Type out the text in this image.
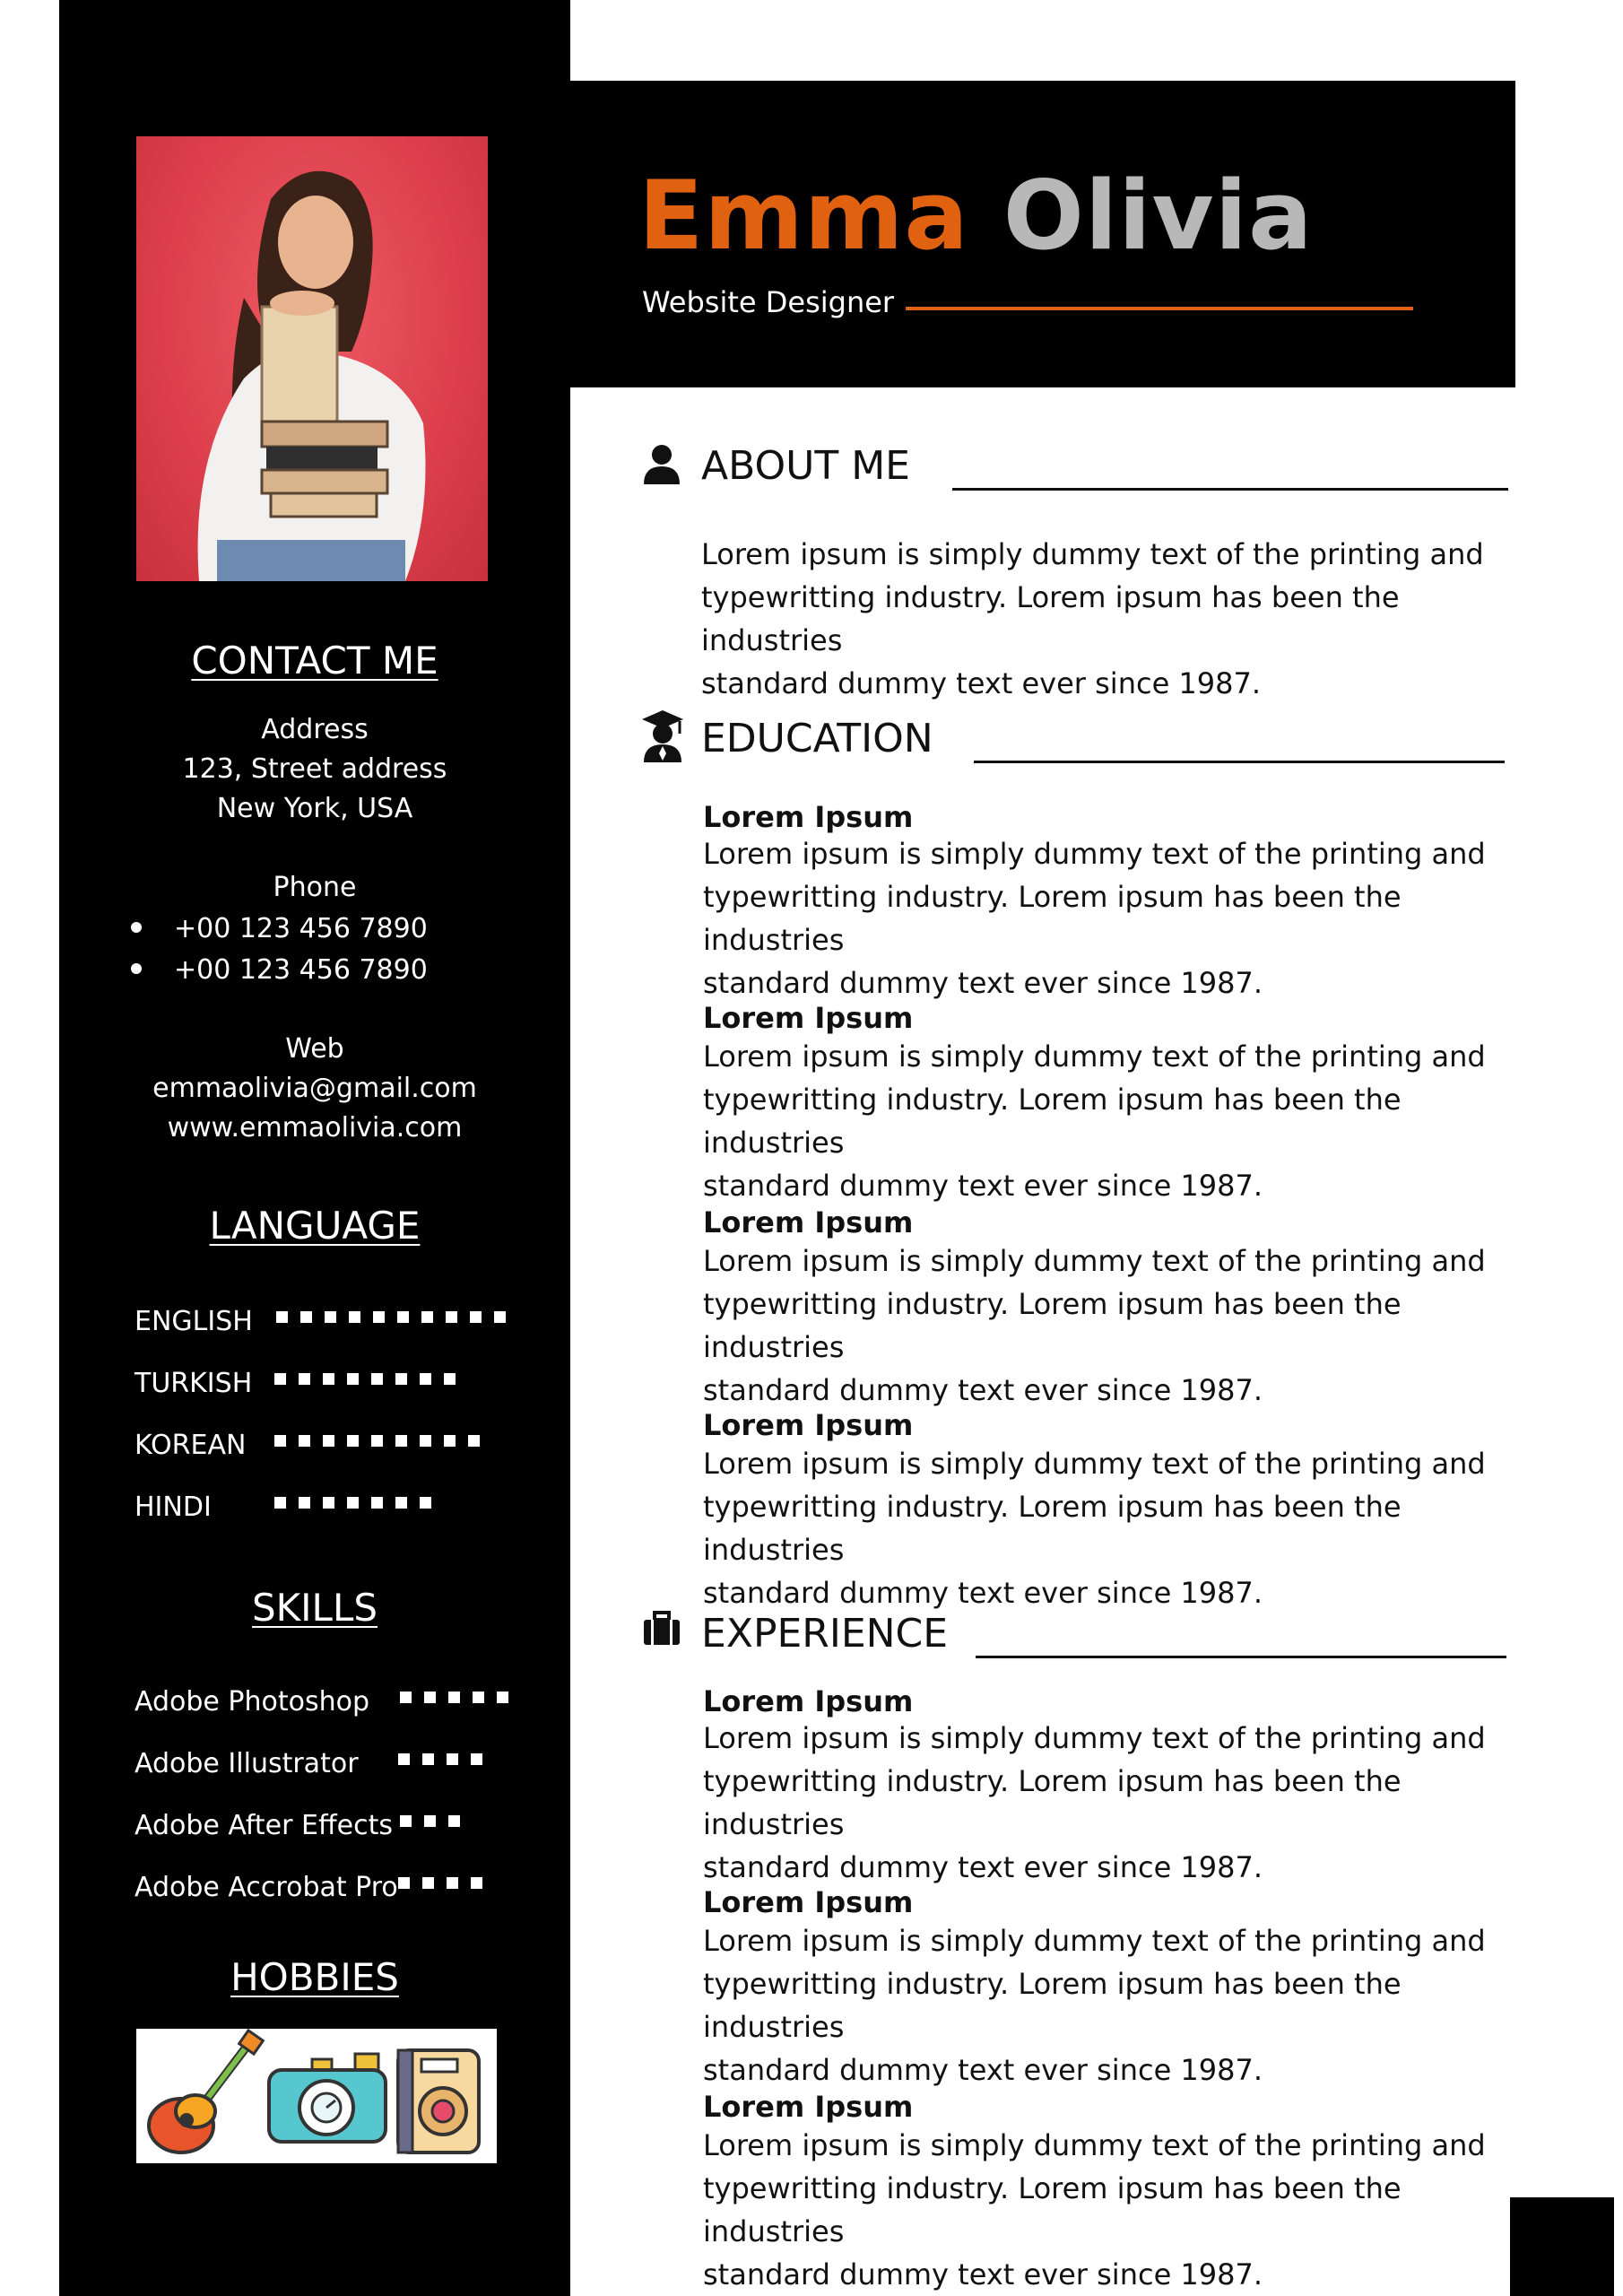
CONTACT ME
Address
123, Street address
New York, USA
Phone
+00 123 456 7890
+00 123 456 7890
Web
emmaolivia@gmail.com
www.emmaolivia.com
LANGUAGE
ENGLISH
TURKISH
KOREAN
HINDI
SKILLS
Adobe Photoshop
Adobe Illustrator
Adobe After Effects
Adobe Accrobat Pro
HOBBIES
Emma Olivia
Website Designer
ABOUT ME
Lorem ipsum is simply dummy text of the printing and
typewritting industry. Lorem ipsum has been the industries
standard dummy text ever since 1987.
EDUCATION
Lorem Ipsum
Lorem ipsum is simply dummy text of the printing and
typewritting industry. Lorem ipsum has been the industries
standard dummy text ever since 1987.
Lorem Ipsum
Lorem ipsum is simply dummy text of the printing and
typewritting industry. Lorem ipsum has been the industries
standard dummy text ever since 1987.
Lorem Ipsum
Lorem ipsum is simply dummy text of the printing and
typewritting industry. Lorem ipsum has been the industries
standard dummy text ever since 1987.
Lorem Ipsum
Lorem ipsum is simply dummy text of the printing and
typewritting industry. Lorem ipsum has been the industries
standard dummy text ever since 1987.
EXPERIENCE
Lorem Ipsum
Lorem ipsum is simply dummy text of the printing and
typewritting industry. Lorem ipsum has been the industries
standard dummy text ever since 1987.
Lorem Ipsum
Lorem ipsum is simply dummy text of the printing and
typewritting industry. Lorem ipsum has been the industries
standard dummy text ever since 1987.
Lorem Ipsum
Lorem ipsum is simply dummy text of the printing and
typewritting industry. Lorem ipsum has been the industries
standard dummy text ever since 1987.
